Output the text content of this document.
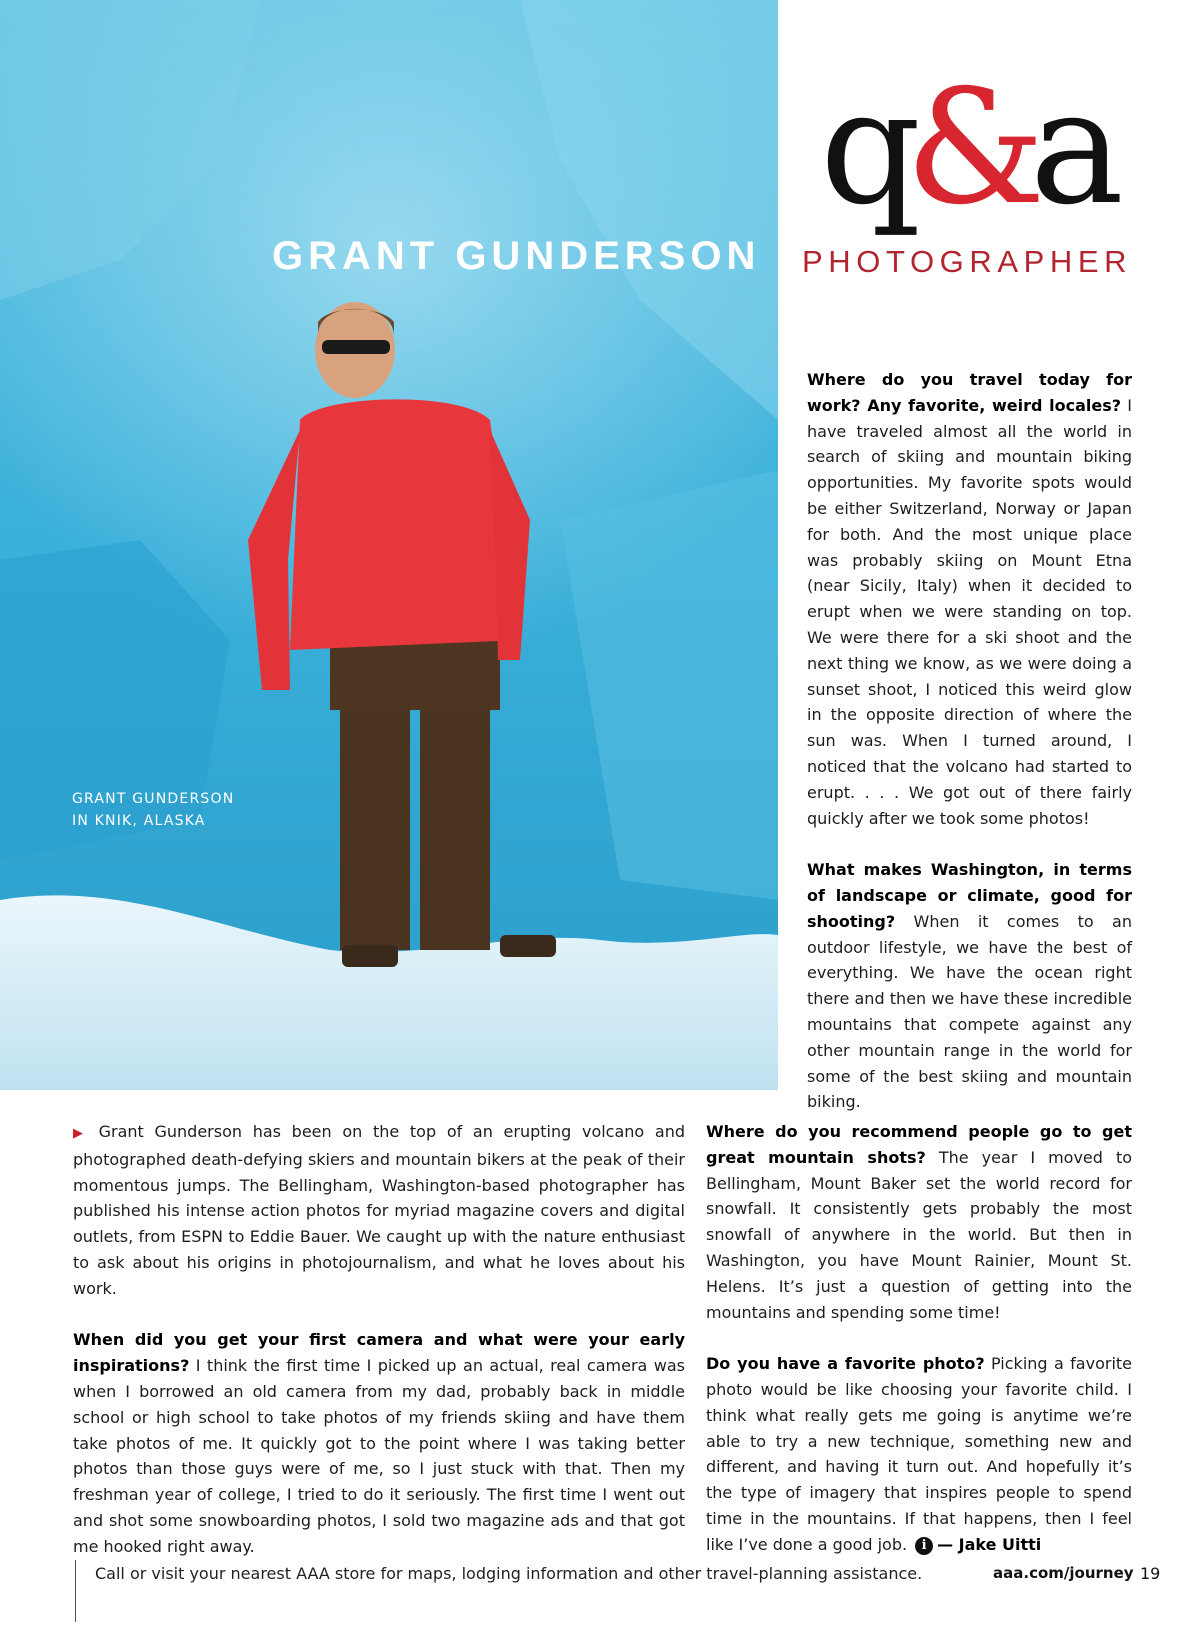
GRANT GUNDERSON
GRANT GUNDERSON
IN KNIK, ALASKA
q&a
PHOTOGRAPHER

Where do you travel today for work? Any favorite, weird locales? I have traveled almost all the world in search of skiing and mountain biking opportunities. My favorite spots would be either Switzerland, Norway or Japan for both. And the most unique place was probably skiing on Mount Etna (near Sicily, Italy) when it decided to erupt when we were standing on top. We were there for a ski shoot and the next thing we know, as we were doing a sunset shoot, I noticed this weird glow in the opposite direction of where the sun was. When I turned around, I noticed that the volcano had started to erupt. . . . We got out of there fairly quickly after we took some photos!

What makes Washington, in terms of landscape or climate, good for shooting? When it comes to an outdoor lifestyle, we have the best of everything. We have the ocean right there and then we have these incredible mountains that compete against any other mountain range in the world for some of the best skiing and mountain biking.

Where do you recommend people go to get great mountain shots? The year I moved to Bellingham, Mount Baker set the world record for snowfall. It consistently gets probably the most snowfall of anywhere in the world. But then in Washington, you have Mount Rainier, Mount St. Helens. It’s just a question of getting into the mountains and spending some time!

Do you have a favorite photo? Picking a favorite photo would be like choosing your favorite child. I think what really gets me going is anytime we’re able to try a new technique, something new and different, and having it turn out. And hopefully it’s the type of imagery that inspires people to spend time in the mountains. If that happens, then I feel like I’ve done a good job. i — Jake Uitti

▶ Grant Gunderson has been on the top of an erupting volcano and photographed death-defying skiers and mountain bikers at the peak of their momentous jumps. The Bellingham, Washington-based photographer has published his intense action photos for myriad magazine covers and digital outlets, from ESPN to Eddie Bauer. We caught up with the nature enthusiast to ask about his origins in photojournalism, and what he loves about his work.

When did you get your first camera and what were your early inspirations? I think the first time I picked up an actual, real camera was when I borrowed an old camera from my dad, probably back in middle school or high school to take photos of my friends skiing and have them take photos of me. It quickly got to the point where I was taking better photos than those guys were of me, so I just stuck with that. Then my freshman year of college, I tried to do it seriously. The first time I went out and shot some snowboarding photos, I sold two magazine ads and that got me hooked right away.

Call or visit your nearest AAA store for maps, lodging information and other travel-planning assistance.	aaa.com/journey 19
